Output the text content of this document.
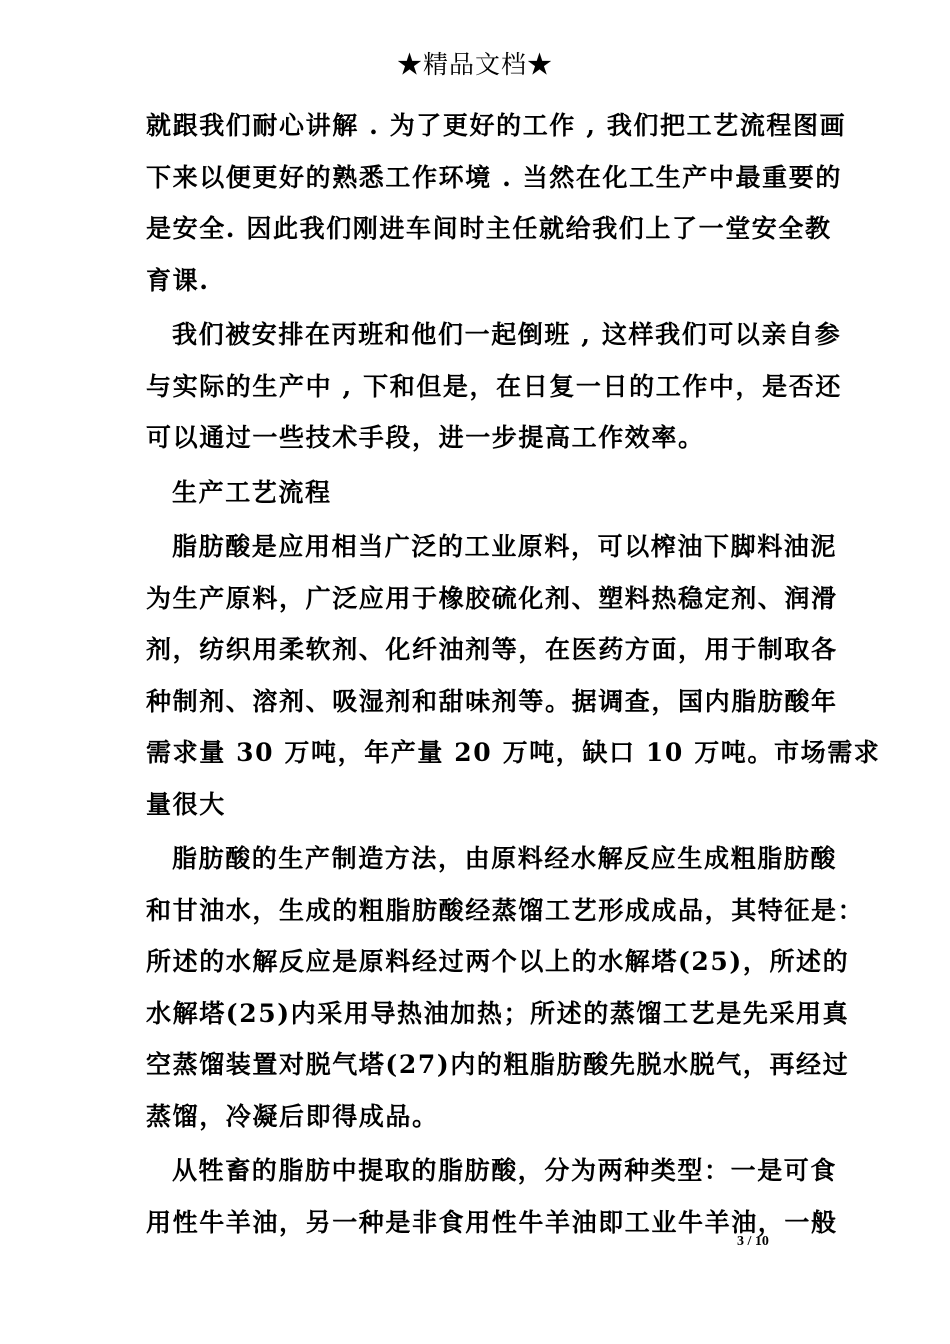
★精品文档★
就跟我们耐心讲解 . 为了更好的工作 , 我们把工艺流程图画
下来以便更好的熟悉工作环境 . 当然在化工生产中最重要的
是安全. 因此我们刚进车间时主任就给我们上了一堂安全教
育课.
我们被安排在丙班和他们一起倒班 , 这样我们可以亲自参
与实际的生产中 , 下和但是，在日复一日的工作中，是否还
可以通过一些技术手段，进一步提高工作效率。
生产工艺流程
脂肪酸是应用相当广泛的工业原料，可以榨油下脚料油泥
为生产原料，广泛应用于橡胶硫化剂、塑料热稳定剂、润滑
剂，纺织用柔软剂、化纤油剂等，在医药方面，用于制取各
种制剂、溶剂、吸湿剂和甜味剂等。据调查，国内脂肪酸年
需求量 30 万吨，年产量 20 万吨，缺口 10 万吨。市场需求
量很大
脂肪酸的生产制造方法，由原料经水解反应生成粗脂肪酸
和甘油水，生成的粗脂肪酸经蒸馏工艺形成成品，其特征是：
所述的水解反应是原料经过两个以上的水解塔(25)，所述的
水解塔(25)内采用导热油加热；所述的蒸馏工艺是先采用真
空蒸馏装置对脱气塔(27)内的粗脂肪酸先脱水脱气，再经过
蒸馏，冷凝后即得成品。
从牲畜的脂肪中提取的脂肪酸，分为两种类型：一是可食
用性牛羊油，另一种是非食用性牛羊油即工业牛羊油，一般
3 / 10
